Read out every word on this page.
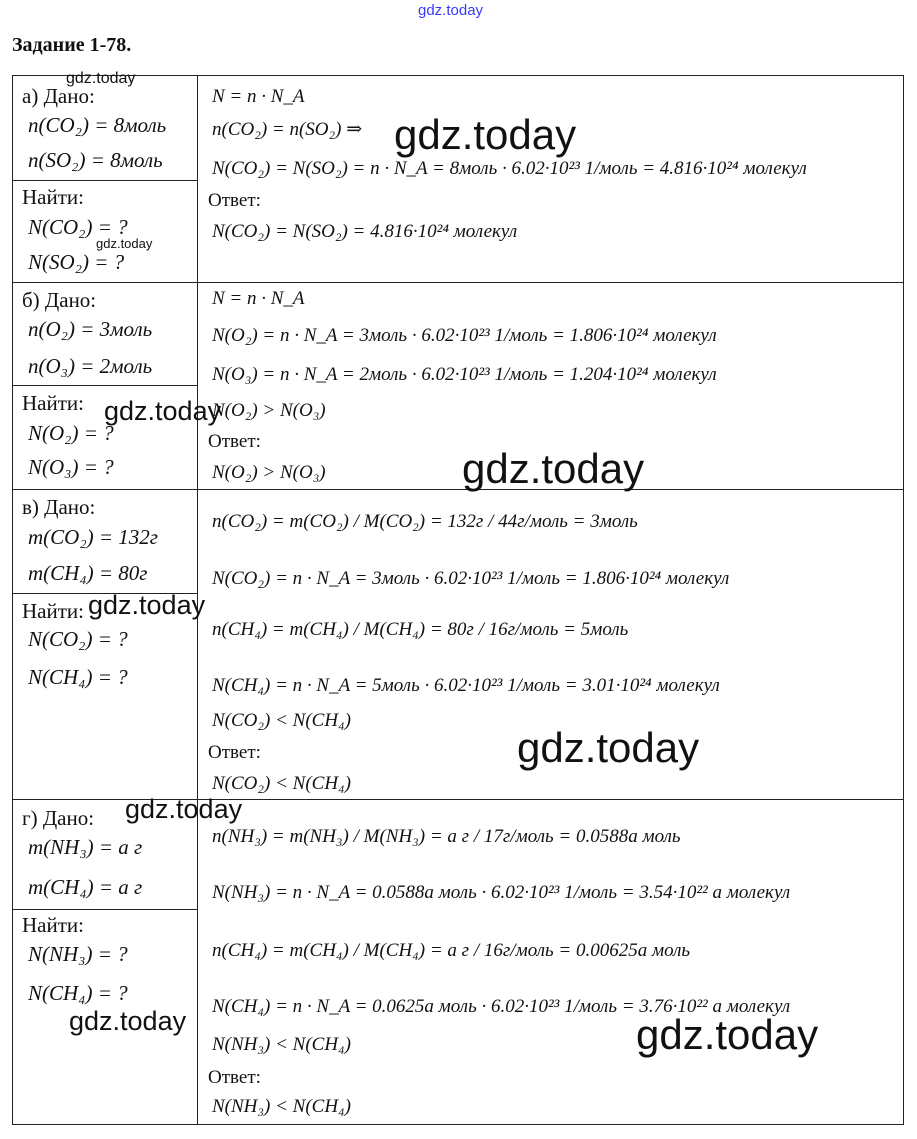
gdz.today
Задание 1-78.
а) Дано:
n(CO₂) = 8моль
n(SO₂) = 8моль
Найти:
N(CO₂) = ?
N(SO₂) = ?
N = n · N_A
n(CO₂) = n(SO₂) ⇒
N(CO₂) = N(SO₂) = n · N_A = 8моль · 6.02·10²³ 1/моль = 4.816·10²⁴ молекул
Ответ:
N(CO₂) = N(SO₂) = 4.816·10²⁴ молекул
б) Дано:
n(O₂) = 3моль
n(O₃) = 2моль
Найти:
N(O₂) = ?
N(O₃) = ?
N = n · N_A
N(O₂) = n · N_A = 3моль · 6.02·10²³ 1/моль = 1.806·10²⁴ молекул
N(O₃) = n · N_A = 2моль · 6.02·10²³ 1/моль = 1.204·10²⁴ молекул
N(O₂) > N(O₃)
Ответ:
N(O₂) > N(O₃)
в) Дано:
m(CO₂) = 132г
m(CH₄) = 80г
Найти:
N(CO₂) = ?
N(CH₄) = ?
n(CO₂) = m(CO₂) / M(CO₂) = 132г / 44г/моль = 3моль
N(CO₂) = n · N_A = 3моль · 6.02·10²³ 1/моль = 1.806·10²⁴ молекул
n(CH₄) = m(CH₄) / M(CH₄) = 80г / 16г/моль = 5моль
N(CH₄) = n · N_A = 5моль · 6.02·10²³ 1/моль = 3.01·10²⁴ молекул
N(CO₂) < N(CH₄)
Ответ:
N(CO₂) < N(CH₄)
г) Дано:
m(NH₃) = a г
m(CH₄) = a г
Найти:
N(NH₃) = ?
N(CH₄) = ?
n(NH₃) = m(NH₃) / M(NH₃) = a г / 17г/моль = 0.0588a моль
N(NH₃) = n · N_A = 0.0588a моль · 6.02·10²³ 1/моль = 3.54·10²² a молекул
n(CH₄) = m(CH₄) / M(CH₄) = a г / 16г/моль = 0.00625a моль
N(CH₄) = n · N_A = 0.0625a моль · 6.02·10²³ 1/моль = 3.76·10²² a молекул
N(NH₃) < N(CH₄)
Ответ:
N(NH₃) < N(CH₄)
gdz.today
gdz.today
gdz.today
gdz.today
gdz.today
gdz.today
gdz.today
gdz.today
gdz.today	gdz.today
